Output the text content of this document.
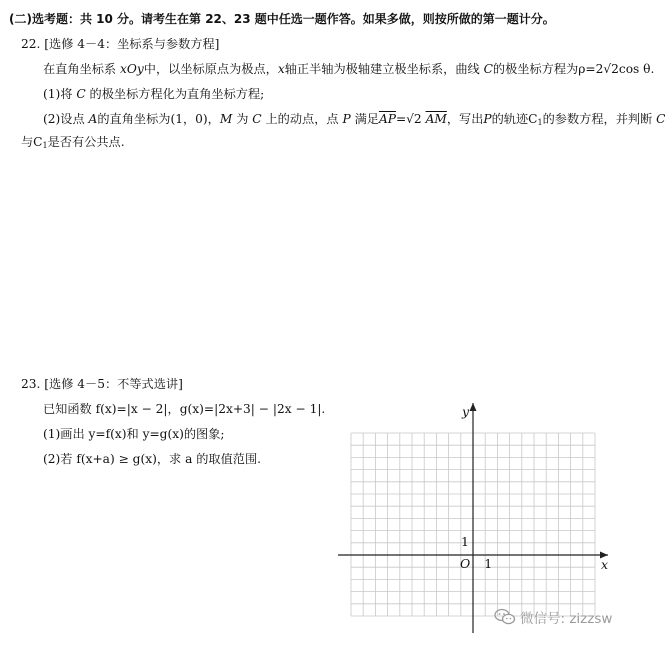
(二)选考题：共 10 分。请考生在第 22、23 题中任选一题作答。如果多做，则按所做的第一题计分。
22. [选修 4－4：坐标系与参数方程]
在直角坐标系 xOy中，以坐标原点为极点，x轴正半轴为极轴建立极坐标系，曲线 C的极坐标方程为ρ=2√2cos θ.
(1)将 C 的极坐标方程化为直角坐标方程;
(2)设点 A的直角坐标为(1，0)，M 为 C 上的动点，点 P 满足$\overline{AP}=√2$ $\overline{AM}$，写出P的轨迹$C_1$的参数方程，并判断 C
与$C_1$是否有公共点.
23. [选修 4－5：不等式选讲]
已知函数 f(x)=|x − 2|，g(x)=|2x+3| − |2x − 1|.
(1)画出 y=f(x)和 y=g(x)的图象;
(2)若 f(x+a) ≥ g(x)，求 a 的取值范围.
y
x
O 1
1
微信号: zizzsw
